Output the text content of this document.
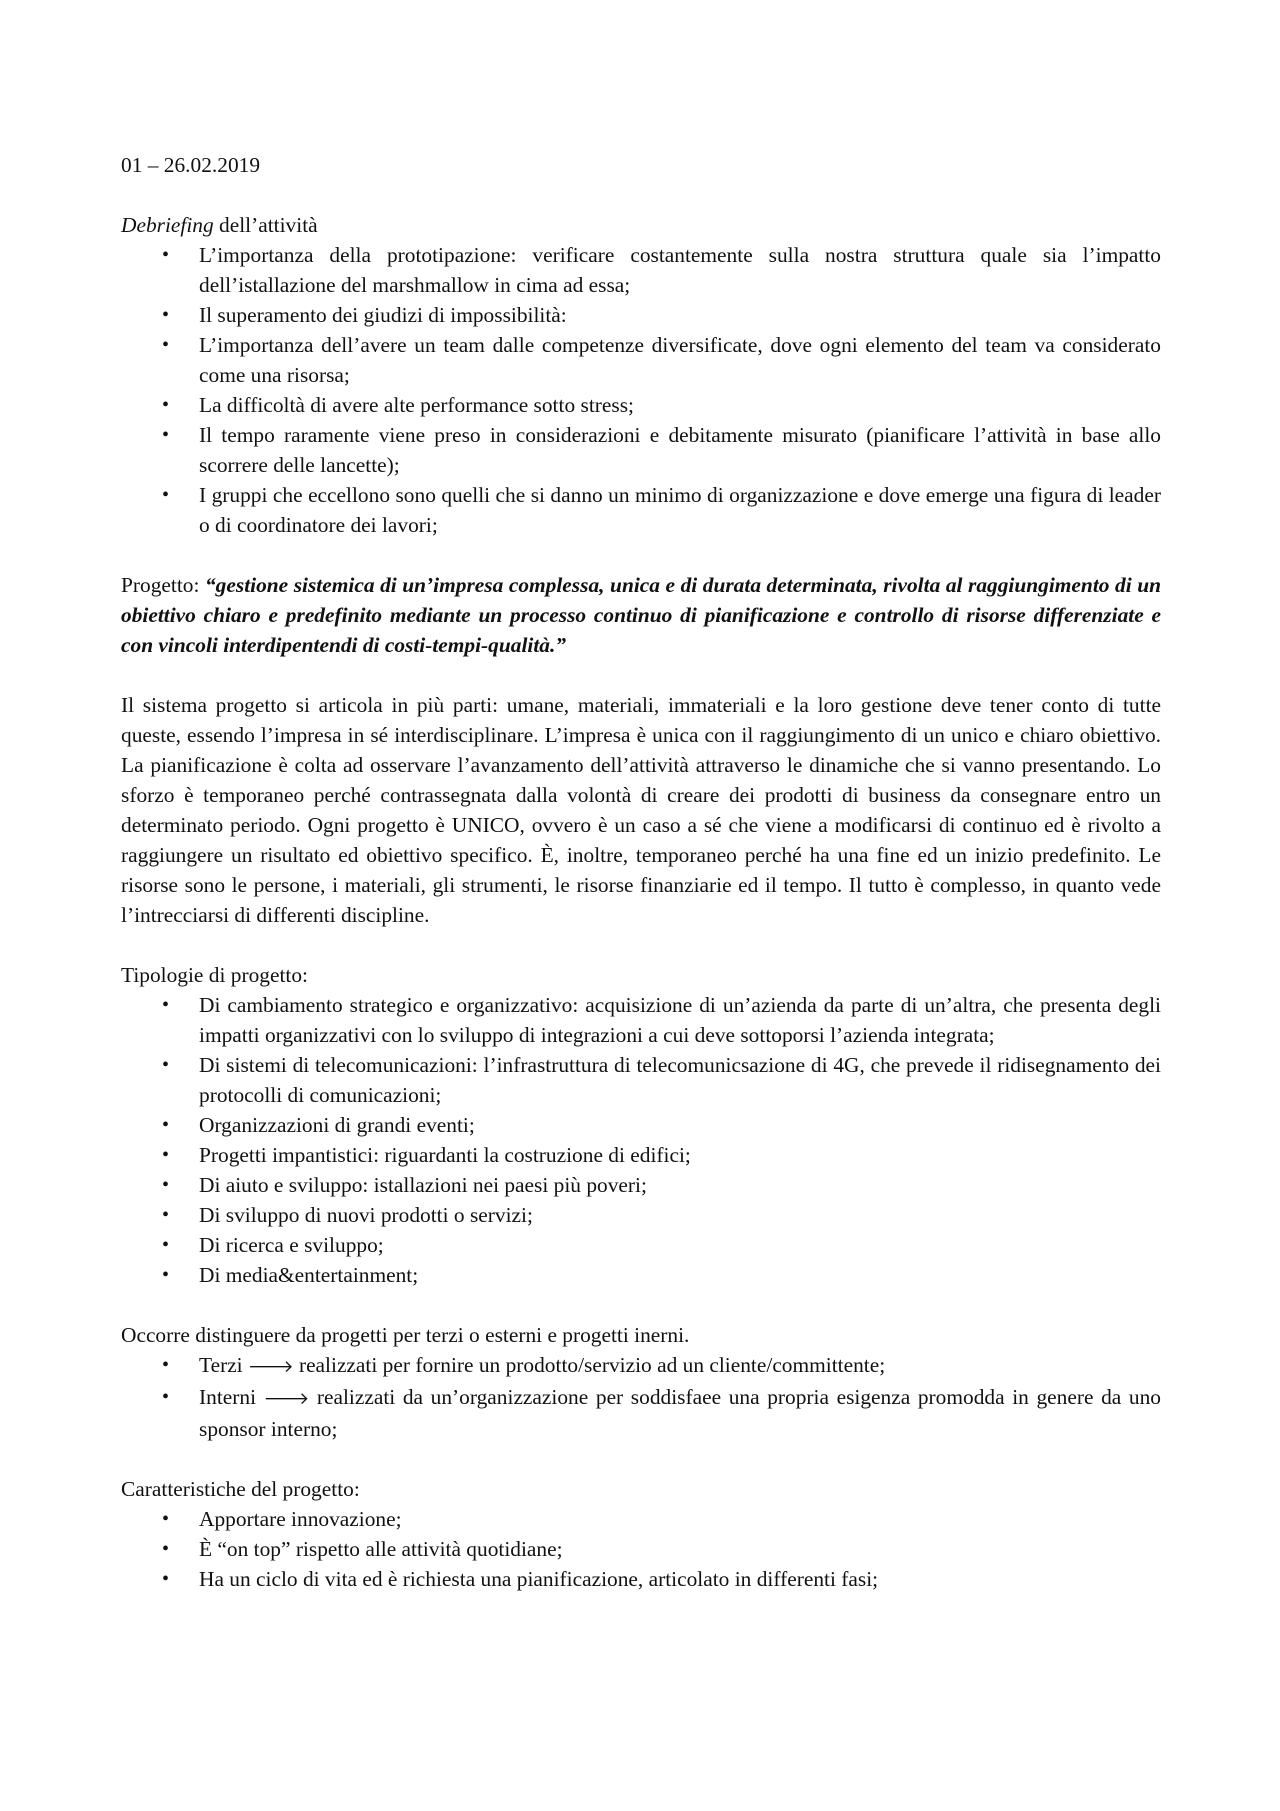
01 – 26.02.2019

Debriefing dell’attività

• L’importanza della prototipazione: verificare costantemente sulla nostra struttura quale sia l’impatto dell’istallazione del marshmallow in cima ad essa;
• Il superamento dei giudizi di impossibilità:
• L’importanza dell’avere un team dalle competenze diversificate, dove ogni elemento del team va considerato come una risorsa;
• La difficoltà di avere alte performance sotto stress;
• Il tempo raramente viene preso in considerazioni e debitamente misurato (pianificare l’attività in base allo scorrere delle lancette);
• I gruppi che eccellono sono quelli che si danno un minimo di organizzazione e dove emerge una figura di leader o di coordinatore dei lavori;

Progetto: “gestione sistemica di un’impresa complessa, unica e di durata determinata, rivolta al raggiungimento di un obiettivo chiaro e predefinito mediante un processo continuo di pianificazione e controllo di risorse differenziate e con vincoli interdipentendi di costi-tempi-qualità.”

Il sistema progetto si articola in più parti: umane, materiali, immateriali e la loro gestione deve tener conto di tutte queste, essendo l’impresa in sé interdisciplinare. L’impresa è unica con il raggiungimento di un unico e chiaro obiettivo. La pianificazione è colta ad osservare l’avanzamento dell’attività attraverso le dinamiche che si vanno presentando. Lo sforzo è temporaneo perché contrassegnata dalla volontà di creare dei prodotti di business da consegnare entro un determinato periodo. Ogni progetto è UNICO, ovvero è un caso a sé che viene a modificarsi di continuo ed è rivolto a raggiungere un risultato ed obiettivo specifico. È, inoltre, temporaneo perché ha una fine ed un inizio predefinito. Le risorse sono le persone, i materiali, gli strumenti, le risorse finanziarie ed il tempo. Il tutto è complesso, in quanto vede l’intrecciarsi di differenti discipline.

Tipologie di progetto:

• Di cambiamento strategico e organizzativo: acquisizione di un’azienda da parte di un’altra, che presenta degli impatti organizzativi con lo sviluppo di integrazioni a cui deve sottoporsi l’azienda integrata;
• Di sistemi di telecomunicazioni: l’infrastruttura di telecomunicsazione di 4G, che prevede il ridisegnamento dei protocolli di comunicazioni;
• Organizzazioni di grandi eventi;
• Progetti impantistici: riguardanti la costruzione di edifici;
• Di aiuto e sviluppo: istallazioni nei paesi più poveri;
• Di sviluppo di nuovi prodotti o servizi;
• Di ricerca e sviluppo;
• Di media&entertainment;

Occorre distinguere da progetti per terzi o esterni e progetti inerni.

• Terzi 🡒 realizzati per fornire un prodotto/servizio ad un cliente/committente;
• Interni 🡒 realizzati da un’organizzazione per soddisfaee una propria esigenza promodda in genere da uno sponsor interno;

Caratteristiche del progetto:

• Apportare innovazione;
• È “on top” rispetto alle attività quotidiane;
• Ha un ciclo di vita ed è richiesta una pianificazione, articolato in differenti fasi;
